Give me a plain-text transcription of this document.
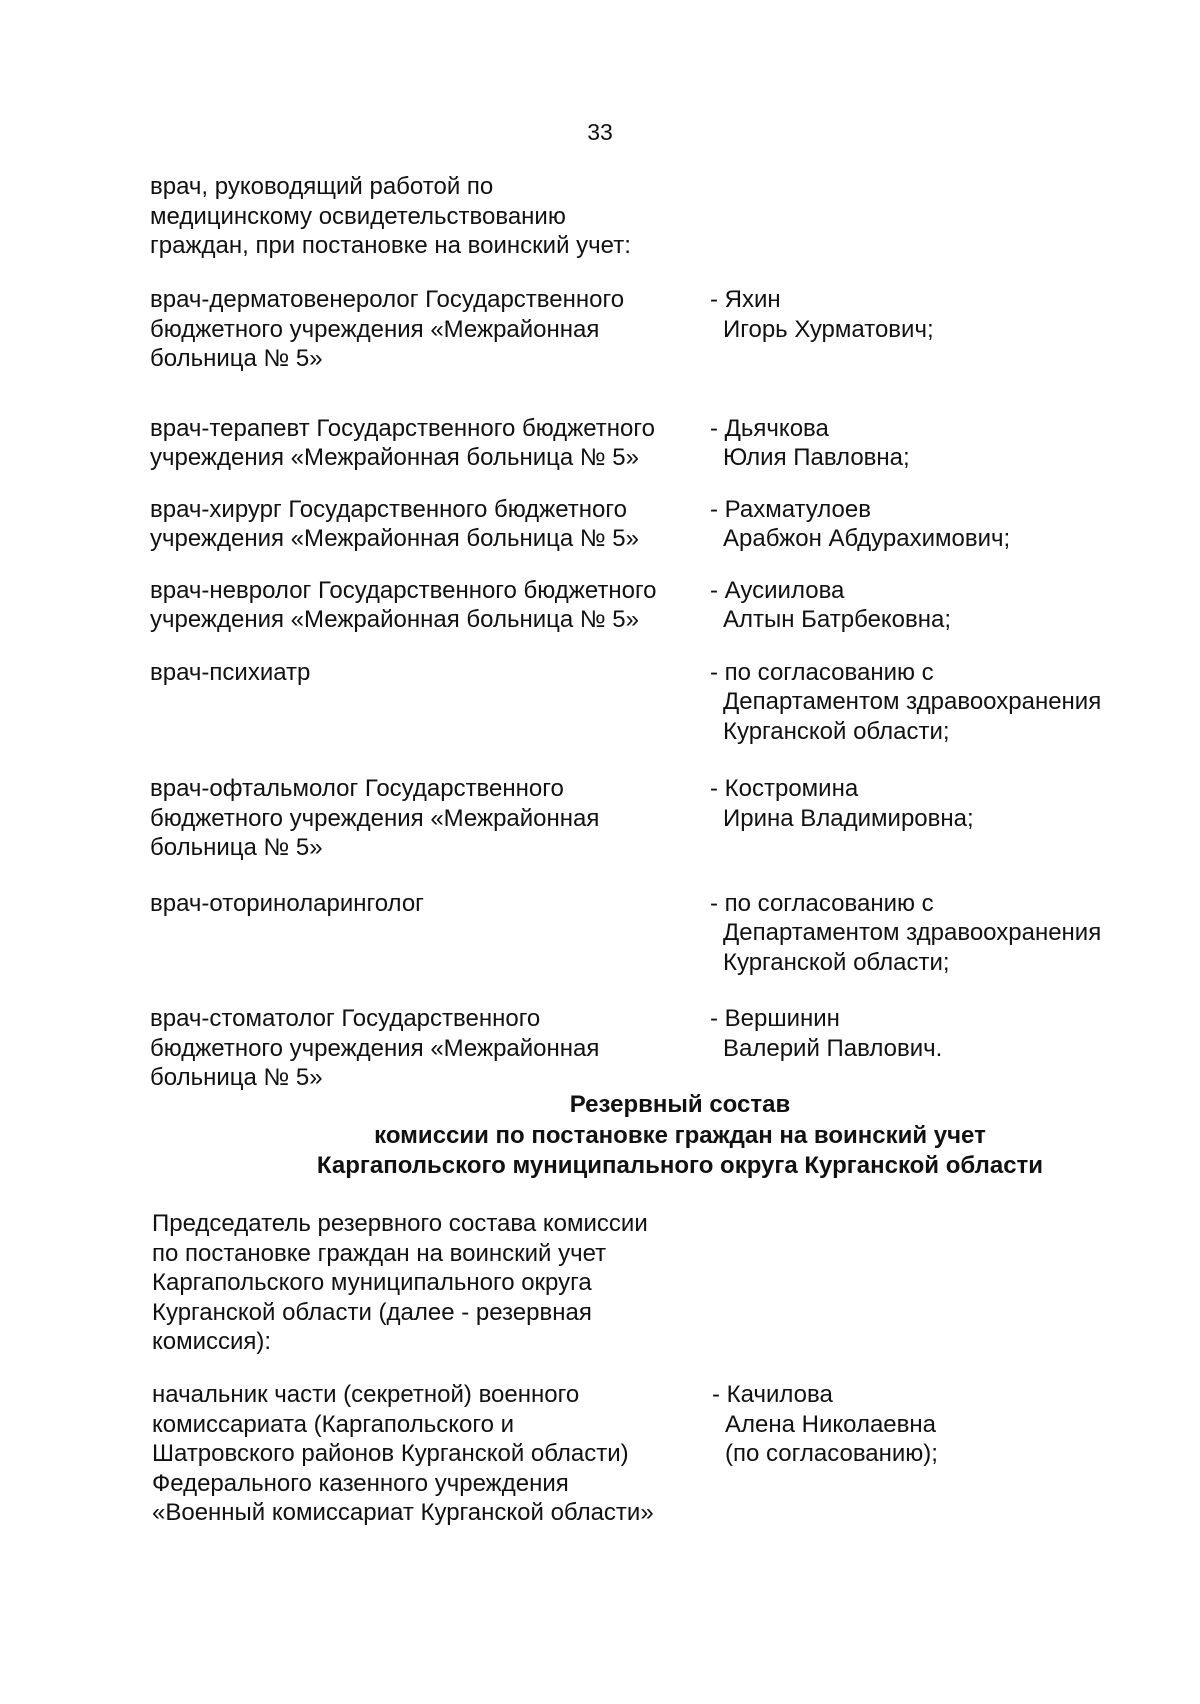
33
врач, руководящий работой по
медицинскому освидетельствованию
граждан, при постановке на воинский учет:
врач-дерматовенеролог Государственного
бюджетного учреждения «Межрайонная
больница № 5»
- Яхин
Игорь Хурматович;
врач-терапевт Государственного бюджетного
учреждения «Межрайонная больница № 5»
- Дьячкова
Юлия Павловна;
врач-хирург Государственного бюджетного
учреждения «Межрайонная больница № 5»
- Рахматулоев
Арабжон Абдурахимович;
врач-невролог Государственного бюджетного
учреждения «Межрайонная больница № 5»
- Аусиилова
Алтын Батрбековна;
врач-психиатр	- по согласованию с
Департаментом здравоохранения
Курганской области;
врач-офтальмолог Государственного
бюджетного учреждения «Межрайонная
больница № 5»
- Костромина
Ирина Владимировна;
врач-оториноларинголог	- по согласованию с
Департаментом здравоохранения
Курганской области;
врач-стоматолог Государственного
бюджетного учреждения «Межрайонная
больница № 5»
- Вершинин
Валерий Павлович.
Резервный состав
комиссии по постановке граждан на воинский учет
Каргапольского муниципального округа Курганской области
Председатель резервного состава комиссии
по постановке граждан на воинский учет
Каргапольского муниципального округа
Курганской области (далее - резервная
комиссия):
начальник части (секретной) военного
комиссариата (Каргапольского и
Шатровского районов Курганской области)
Федерального казенного учреждения
«Военный комиссариат Курганской области»
- Качилова
Алена Николаевна
(по согласованию);
